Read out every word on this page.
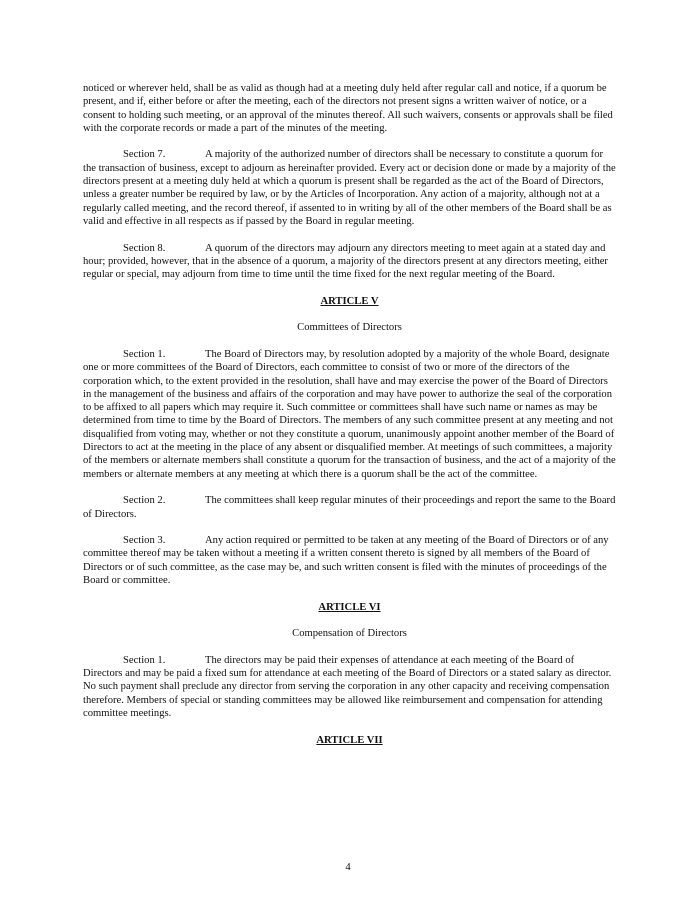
noticed or wherever held, shall be as valid as though had at a meeting duly held after regular call and notice, if a quorum be present, and if, either before or after the meeting, each of the directors not present signs a written waiver of notice, or a consent to holding such meeting, or an approval of the minutes thereof. All such waivers, consents or approvals shall be filed with the corporate records or made a part of the minutes of the meeting.

Section 7.	A majority of the authorized number of directors shall be necessary to constitute a quorum for the transaction of business, except to adjourn as hereinafter provided. Every act or decision done or made by a majority of the directors present at a meeting duly held at which a quorum is present shall be regarded as the act of the Board of Directors, unless a greater number be required by law, or by the Articles of Incorporation. Any action of a majority, although not at a regularly called meeting, and the record thereof, if assented to in writing by all of the other members of the Board shall be as valid and effective in all respects as if passed by the Board in regular meeting.

Section 8.	A quorum of the directors may adjourn any directors meeting to meet again at a stated day and hour; provided, however, that in the absence of a quorum, a majority of the directors present at any directors meeting, either regular or special, may adjourn from time to time until the time fixed for the next regular meeting of the Board.

ARTICLE V
Committees of Directors

Section 1.	The Board of Directors may, by resolution adopted by a majority of the whole Board, designate one or more committees of the Board of Directors, each committee to consist of two or more of the directors of the corporation which, to the extent provided in the resolution, shall have and may exercise the power of the Board of Directors in the management of the business and affairs of the corporation and may have power to authorize the seal of the corporation to be affixed to all papers which may require it. Such committee or committees shall have such name or names as may be determined from time to time by the Board of Directors. The members of any such committee present at any meeting and not disqualified from voting may, whether or not they constitute a quorum, unanimously appoint another member of the Board of Directors to act at the meeting in the place of any absent or disqualified member. At meetings of such committees, a majority of the members or alternate members shall constitute a quorum for the transaction of business, and the act of a majority of the members or alternate members at any meeting at which there is a quorum shall be the act of the committee.

Section 2.	The committees shall keep regular minutes of their proceedings and report the same to the Board of Directors.

Section 3.	Any action required or permitted to be taken at any meeting of the Board of Directors or of any committee thereof may be taken without a meeting if a written consent thereto is signed by all members of the Board of Directors or of such committee, as the case may be, and such written consent is filed with the minutes of proceedings of the Board or committee.

ARTICLE VI
Compensation of Directors

Section 1.	The directors may be paid their expenses of attendance at each meeting of the Board of Directors and may be paid a fixed sum for attendance at each meeting of the Board of Directors or a stated salary as director. No such payment shall preclude any director from serving the corporation in any other capacity and receiving compensation therefore. Members of special or standing committees may be allowed like reimbursement and compensation for attending committee meetings.

ARTICLE VII
4
